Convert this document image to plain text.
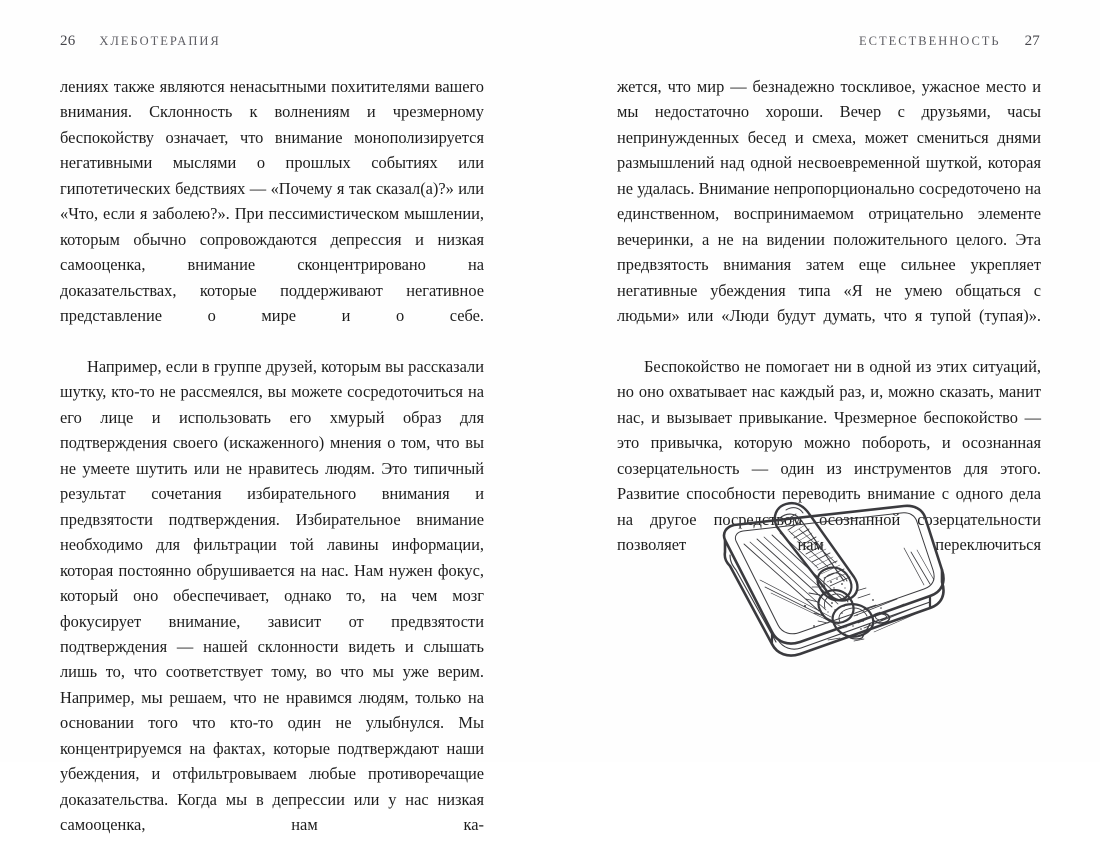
26 ХЛЕБОТЕРАПИЯ	ЕСТЕСТВЕННОСТЬ 27

лениях также являются ненасытными похитителями вашего внимания. Склонность к волнениям и чрезмерному беспокойству означает, что внимание монополизируется негативными мыслями о прошлых событиях или гипотетических бедствиях — «Почему я так сказал(а)?» или «Что, если я заболею?». При пессимистическом мышлении, которым обычно сопровождаются депрессия и низкая самооценка, внимание сконцентрировано на доказательствах, которые поддерживают негативное представление о мире и о себе.

Например, если в группе друзей, которым вы рассказали шутку, кто-то не рассмеялся, вы можете сосредоточиться на его лице и использовать его хмурый образ для подтверждения своего (искаженного) мнения о том, что вы не умеете шутить или не нравитесь людям. Это типичный результат сочетания избирательного внимания и предвзятости подтверждения. Избирательное внимание необходимо для фильтрации той лавины информации, которая постоянно обрушивается на нас. Нам нужен фокус, который оно обеспечивает, однако то, на чем мозг фокусирует внимание, зависит от предвзятости подтверждения — нашей склонности видеть и слышать лишь то, что соответствует тому, во что мы уже верим. Например, мы решаем, что не нравимся людям, только на основании того что кто-то один не улыбнулся. Мы концентрируемся на фактах, которые подтверждают наши убеждения, и отфильтровываем любые противоречащие доказательства. Когда мы в депрессии или у нас низкая самооценка, нам ка-

жется, что мир — безнадежно тоскливое, ужасное место и мы недостаточно хороши. Вечер с друзьями, часы непринужденных бесед и смеха, может смениться днями размышлений над одной несвоевременной шуткой, которая не удалась. Внимание непропорционально сосредоточено на единственном, воспринимаемом отрицательно элементе вечеринки, а не на видении положительного целого. Эта предвзятость внимания затем еще сильнее укрепляет негативные убеждения типа «Я не умею общаться с людьми» или «Люди будут думать, что я тупой (тупая)».

Беспокойство не помогает ни в одной из этих ситуаций, но оно охватывает нас каждый раз, и, можно сказать, манит нас, и вызывает привыкание. Чрезмерное беспокойство — это привычка, которую можно побороть, и осознанная созерцательность — один из инструментов для этого. Развитие способности переводить внимание с одного дела на другое посредством осознанной созерцательности позволяет нам переключиться
